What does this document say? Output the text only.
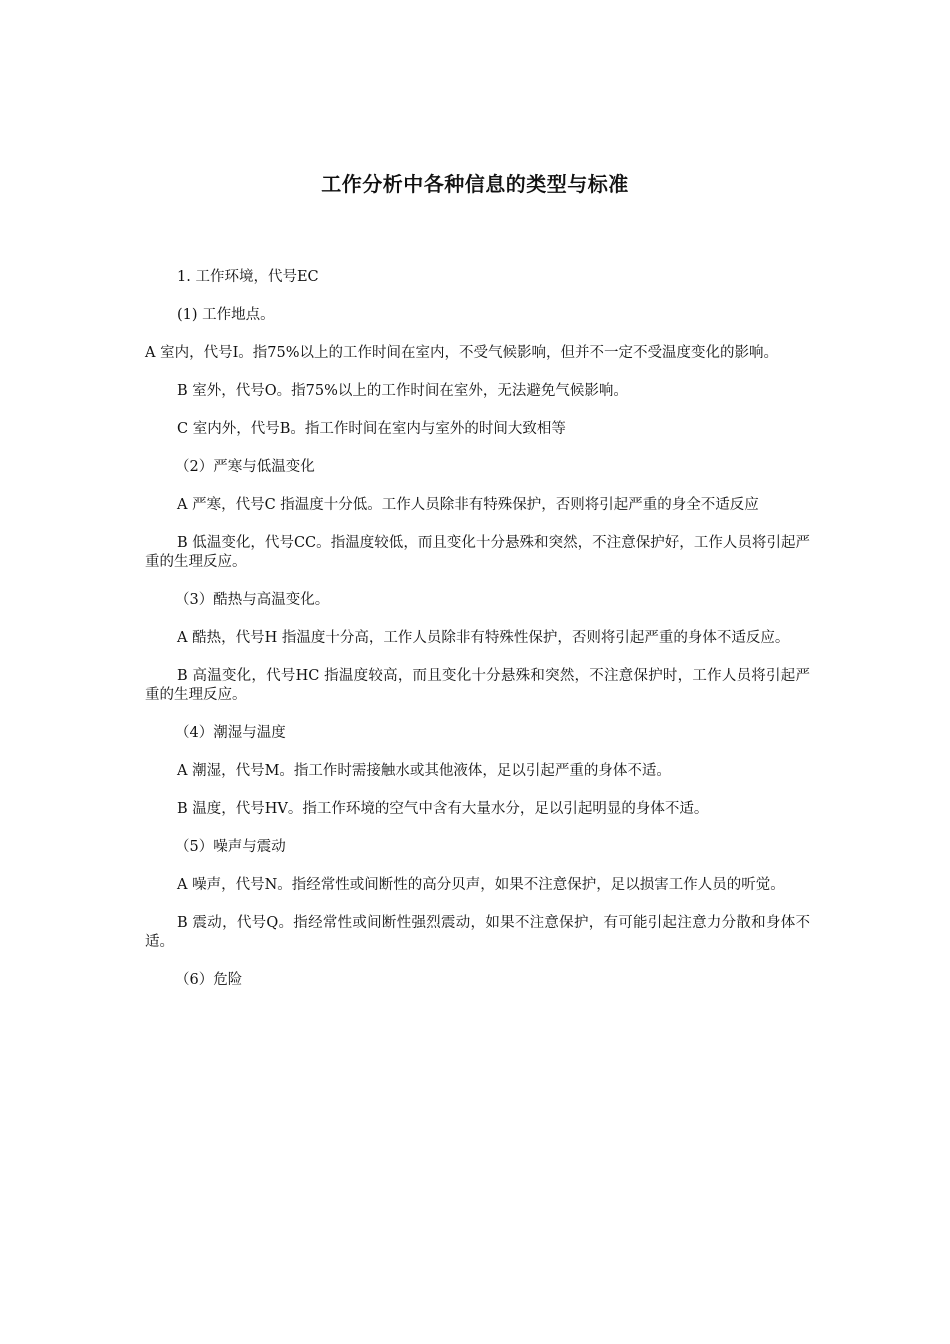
工作分析中各种信息的类型与标准

1. 工作环境，代号EC

(1) 工作地点。

A 室内，代号I。指75%以上的工作时间在室内，不受气候影响，但并不一定不受温度变化的影响。

B 室外，代号O。指75%以上的工作时间在室外，无法避免气候影响。

C 室内外，代号B。指工作时间在室内与室外的时间大致相等

（2）严寒与低温变化

A 严寒，代号C 指温度十分低。工作人员除非有特殊保护，否则将引起严重的身全不适反应

B 低温变化，代号CC。指温度较低，而且变化十分悬殊和突然，不注意保护好，工作人员将引起严重的生理反应。

（3）酷热与高温变化。

A 酷热，代号H 指温度十分高，工作人员除非有特殊性保护，否则将引起严重的身体不适反应。

B 高温变化，代号HC 指温度较高，而且变化十分悬殊和突然，不注意保护时，工作人员将引起严重的生理反应。

（4）潮湿与温度

A 潮湿，代号M。指工作时需接触水或其他液体，足以引起严重的身体不适。

B 温度，代号HV。指工作环境的空气中含有大量水分，足以引起明显的身体不适。

（5）噪声与震动

A 噪声，代号N。指经常性或间断性的高分贝声，如果不注意保护，足以损害工作人员的听觉。

B 震动，代号Q。指经常性或间断性强烈震动，如果不注意保护，有可能引起注意力分散和身体不适。

（6）危险
